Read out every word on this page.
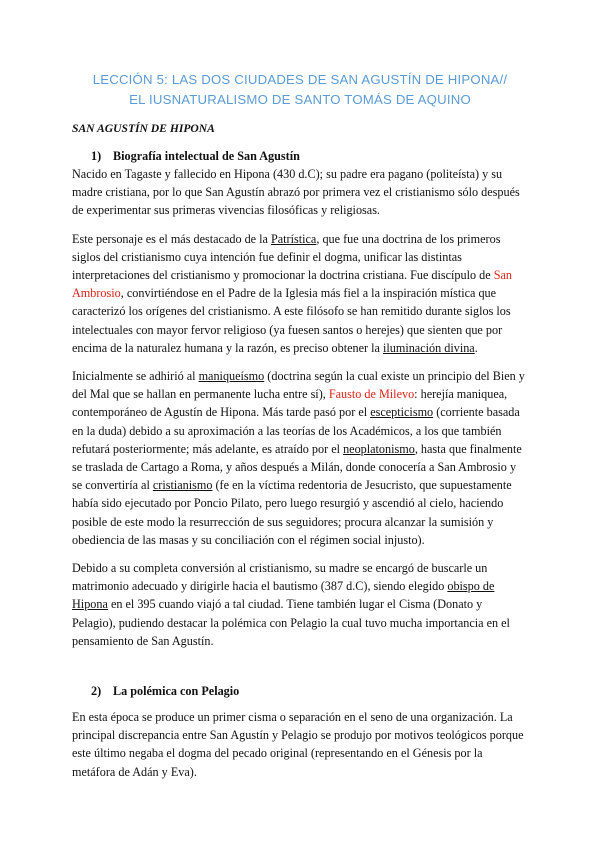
LECCIÓN 5: LAS DOS CIUDADES DE SAN AGUSTÍN DE HIPONA//
EL IUSNATURALISMO DE SANTO TOMÁS DE AQUINO
SAN AGUSTÍN DE HIPONA
1) Biografía intelectual de San Agustín

Nacido en Tagaste y fallecido en Hipona (430 d.C); su padre era pagano (politeísta) y su madre cristiana, por lo que San Agustín abrazó por primera vez el cristianismo sólo después de experimentar sus primeras vivencias filosóficas y religiosas.

Este personaje es el más destacado de la Patrística, que fue una doctrina de los primeros siglos del cristianismo cuya intención fue definir el dogma, unificar las distintas interpretaciones del cristianismo y promocionar la doctrina cristiana. Fue discípulo de San Ambrosio, convirtiéndose en el Padre de la Iglesia más fiel a la inspiración mística que caracterizó los orígenes del cristianismo. A este filósofo se han remitido durante siglos los intelectuales con mayor fervor religioso (ya fuesen santos o herejes) que sienten que por encima de la naturalez humana y la razón, es preciso obtener la iluminación divina.

Inicialmente se adhirió al maniqueísmo (doctrina según la cual existe un principio del Bien y del Mal que se hallan en permanente lucha entre sí), Fausto de Milevo: herejía maniquea, contemporáneo de Agustín de Hipona. Más tarde pasó por el escepticismo (corriente basada en la duda) debido a su aproximación a las teorías de los Académicos, a los que también refutará posteriormente; más adelante, es atraído por el neoplatonismo, hasta que finalmente se traslada de Cartago a Roma, y años después a Milán, donde conocería a San Ambrosio y se convertiría al cristianismo (fe en la víctima redentoria de Jesucristo, que supuestamente había sido ejecutado por Poncio Pilato, pero luego resurgió y ascendió al cielo, haciendo posible de este modo la resurrección de sus seguidores; procura alcanzar la sumisión y obediencia de las masas y su conciliación con el régimen social injusto).

Debido a su completa conversión al cristianismo, su madre se encargó de buscarle un matrimonio adecuado y dirigirle hacia el bautismo (387 d.C), siendo elegido obispo de Hipona en el 395 cuando viajó a tal ciudad. Tiene también lugar el Cisma (Donato y Pelagio), pudiendo destacar la polémica con Pelagio la cual tuvo mucha importancia en el pensamiento de San Agustín.

2) La polémica con Pelagio

En esta época se produce un primer cisma o separación en el seno de una organización. La principal discrepancia entre San Agustín y Pelagio se produjo por motivos teológicos porque este último negaba el dogma del pecado original (representando en el Génesis por la metáfora de Adán y Eva).
